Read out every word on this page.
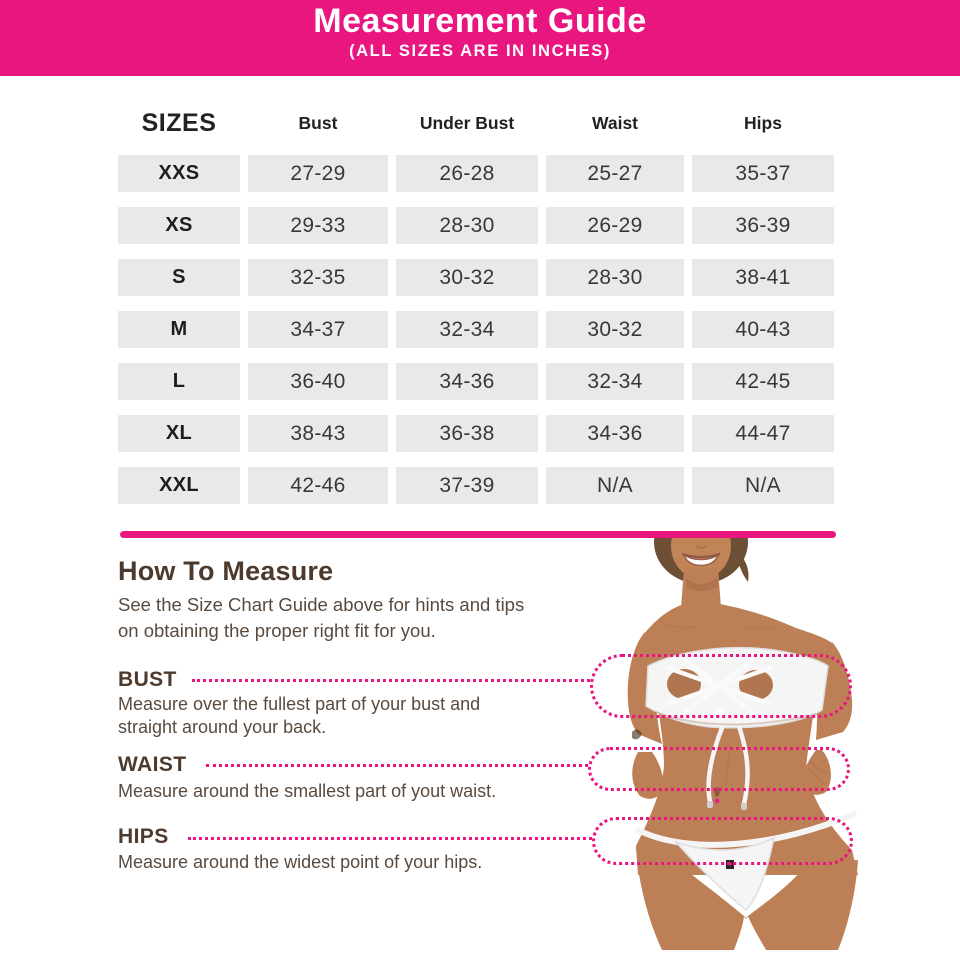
Measurement Guide
(ALL SIZES ARE IN INCHES)
SIZES	Bust	Under Bust	Waist	Hips
XXS	27-29	26-28	25-27	35-37
XS	29-33	28-30	26-29	36-39
S	32-35	30-32	28-30	38-41
M	34-37	32-34	30-32	40-43
L	36-40	34-36	32-34	42-45
XL	38-43	36-38	34-36	44-47
XXL	42-46	37-39	N/A	N/A
How To Measure
See the Size Chart Guide above for hints and tips
on obtaining the proper right fit for you.
BUST
Measure over the fullest part of your bust and
straight around your back.
WAIST
Measure around the smallest part of yout waist.
HIPS
Measure around the widest point of your hips.
